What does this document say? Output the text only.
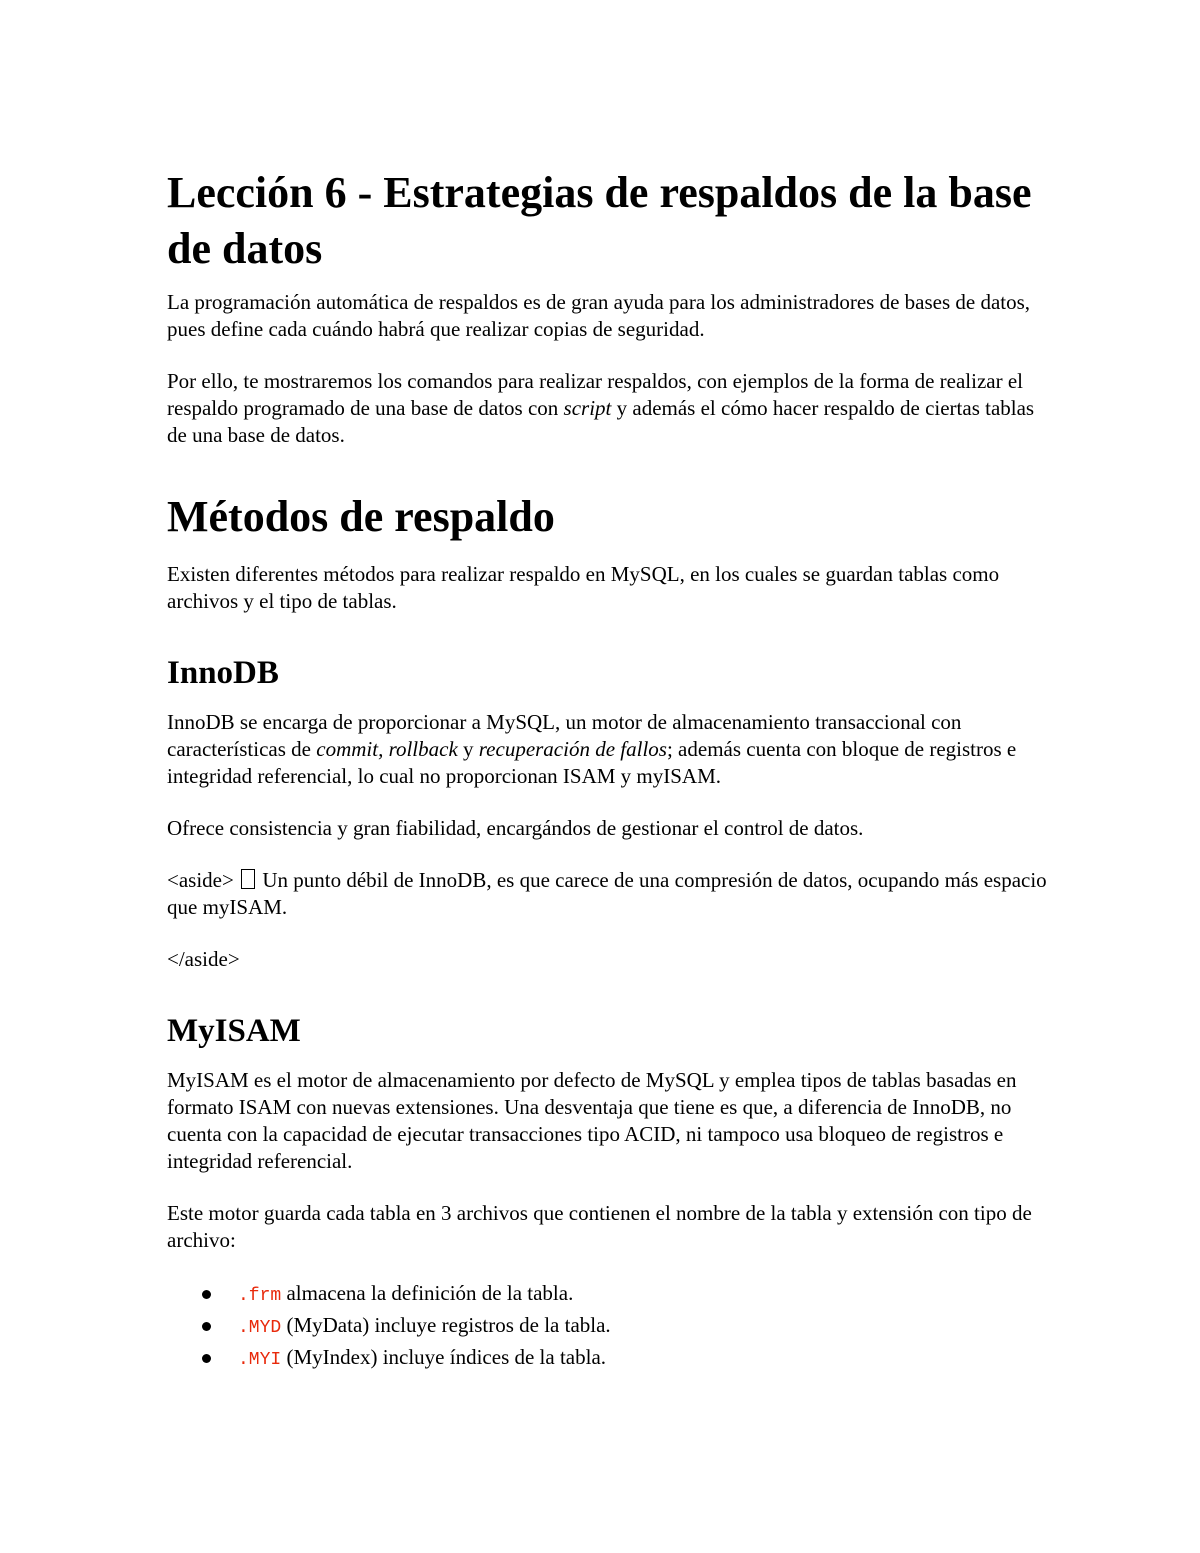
Lección 6 - Estrategias de respaldos de la base de datos

La programación automática de respaldos es de gran ayuda para los administradores de bases de datos, pues define cada cuándo habrá que realizar copias de seguridad.

Por ello, te mostraremos los comandos para realizar respaldos, con ejemplos de la forma de realizar el respaldo programado de una base de datos con script y además el cómo hacer respaldo de ciertas tablas de una base de datos.

Métodos de respaldo

Existen diferentes métodos para realizar respaldo en MySQL, en los cuales se guardan tablas como archivos y el tipo de tablas.

InnoDB

InnoDB se encarga de proporcionar a MySQL, un motor de almacenamiento transaccional con características de commit, rollback y recuperación de fallos; además cuenta con bloque de registros e integridad referencial, lo cual no proporcionan ISAM y myISAM.

Ofrece consistencia y gran fiabilidad, encargándos de gestionar el control de datos.

<aside> Un punto débil de InnoDB, es que carece de una compresión de datos, ocupando más espacio que myISAM.

</aside>

MyISAM

MyISAM es el motor de almacenamiento por defecto de MySQL y emplea tipos de tablas basadas en formato ISAM con nuevas extensiones. Una desventaja que tiene es que, a diferencia de InnoDB, no cuenta con la capacidad de ejecutar transacciones tipo ACID, ni tampoco usa bloqueo de registros e integridad referencial.

Este motor guarda cada tabla en 3 archivos que contienen el nombre de la tabla y extensión con tipo de archivo:

.frm almacena la definición de la tabla.
.MYD (MyData) incluye registros de la tabla.
.MYI (MyIndex) incluye índices de la tabla.
